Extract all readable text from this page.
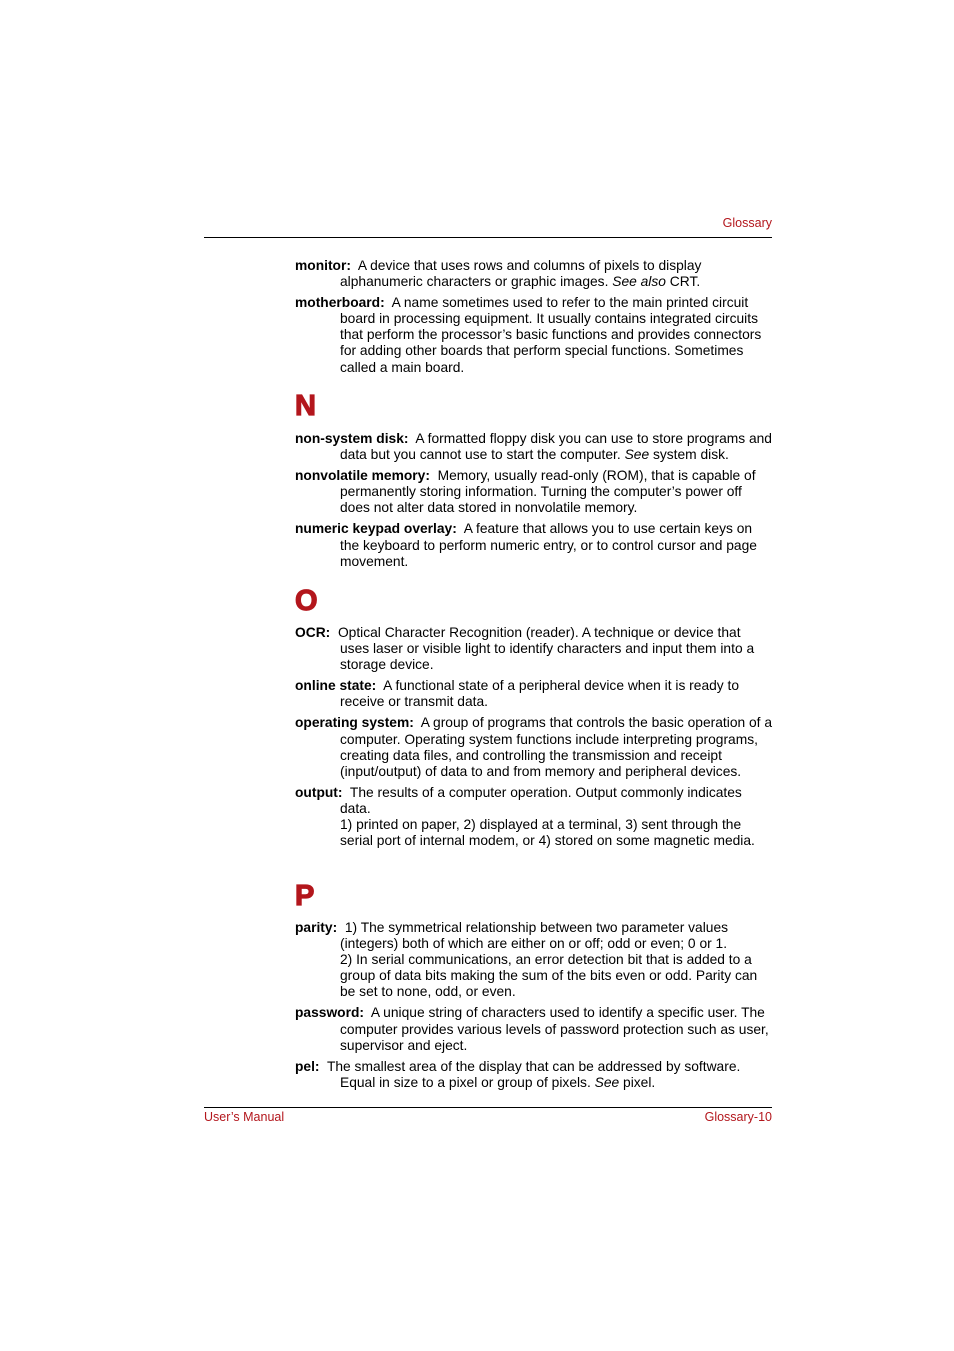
Glossary

monitor: A device that uses rows and columns of pixels to display alphanumeric characters or graphic images. See also CRT.

motherboard: A name sometimes used to refer to the main printed circuit board in processing equipment. It usually contains integrated circuits that perform the processor’s basic functions and provides connectors for adding other boards that perform special functions. Sometimes called a main board.

N

non-system disk: A formatted floppy disk you can use to store programs and data but you cannot use to start the computer. See system disk.

nonvolatile memory: Memory, usually read-only (ROM), that is capable of permanently storing information. Turning the computer’s power off does not alter data stored in nonvolatile memory.

numeric keypad overlay: A feature that allows you to use certain keys on the keyboard to perform numeric entry, or to control cursor and page movement.

O

OCR: Optical Character Recognition (reader). A technique or device that uses laser or visible light to identify characters and input them into a storage device.

online state: A functional state of a peripheral device when it is ready to receive or transmit data.

operating system: A group of programs that controls the basic operation of a computer. Operating system functions include interpreting programs, creating data files, and controlling the transmission and receipt (input/output) of data to and from memory and peripheral devices.

output: The results of a computer operation. Output commonly indicates data.
1) printed on paper, 2) displayed at a terminal, 3) sent through the serial port of internal modem, or 4) stored on some magnetic media.

P

parity: 1) The symmetrical relationship between two parameter values (integers) both of which are either on or off; odd or even; 0 or 1.
2) In serial communications, an error detection bit that is added to a group of data bits making the sum of the bits even or odd. Parity can be set to none, odd, or even.

password: A unique string of characters used to identify a specific user. The computer provides various levels of password protection such as user, supervisor and eject.

pel: The smallest area of the display that can be addressed by software. Equal in size to a pixel or group of pixels. See pixel.

User’s Manual	Glossary-10
